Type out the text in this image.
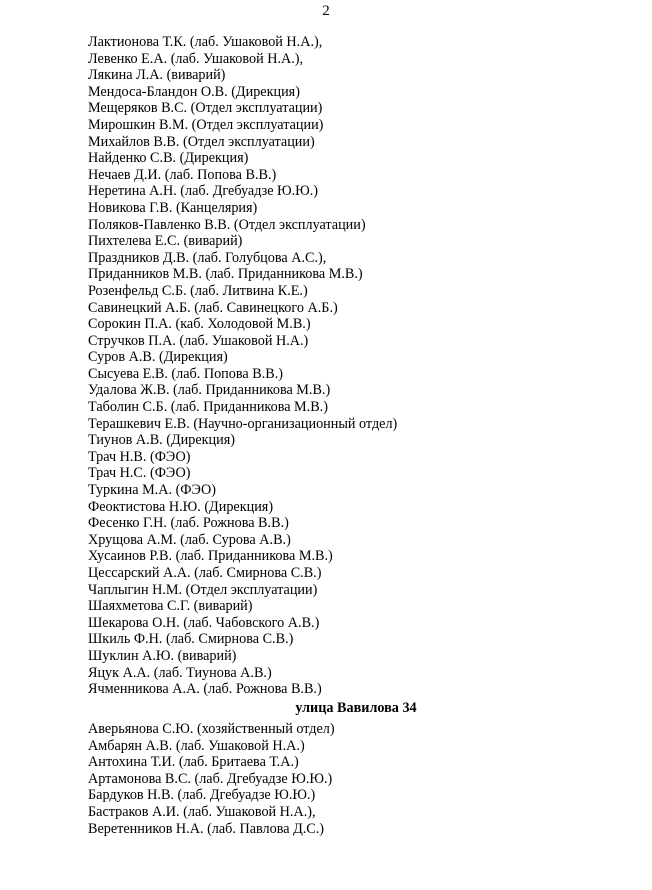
2
Лактионова Т.К. (лаб. Ушаковой Н.А.),
Левенко Е.А. (лаб. Ушаковой Н.А.),
Лякина Л.А. (виварий)
Мендоса-Бландон О.В. (Дирекция)
Мещеряков В.С. (Отдел эксплуатации)
Мирошкин В.М. (Отдел эксплуатации)
Михайлов В.В. (Отдел эксплуатации)
Найденко С.В. (Дирекция)
Нечаев Д.И. (лаб. Попова В.В.)
Неретина А.Н. (лаб. Дгебуадзе Ю.Ю.)
Новикова Г.В. (Канцелярия)
Поляков-Павленко В.В. (Отдел эксплуатации)
Пихтелева Е.С. (виварий)
Праздников Д.В. (лаб. Голубцова А.С.),
Приданников М.В. (лаб. Приданникова М.В.)
Розенфельд С.Б. (лаб. Литвина К.Е.)
Савинецкий А.Б. (лаб. Савинецкого А.Б.)
Сорокин П.А. (каб. Холодовой М.В.)
Стручков П.А. (лаб. Ушаковой Н.А.)
Суров А.В. (Дирекция)
Сысуева Е.В. (лаб. Попова В.В.)
Удалова Ж.В. (лаб. Приданникова М.В.)
Таболин С.Б. (лаб. Приданникова М.В.)
Терашкевич Е.В. (Научно-организационный отдел)
Тиунов А.В. (Дирекция)
Трач Н.В. (ФЭО)
Трач Н.С. (ФЭО)
Туркина М.А. (ФЭО)
Феоктистова Н.Ю. (Дирекция)
Фесенко Г.Н. (лаб. Рожнова В.В.)
Хрущова А.М. (лаб. Сурова А.В.)
Хусаинов Р.В. (лаб. Приданникова М.В.)
Цессарский А.А. (лаб. Смирнова С.В.)
Чаплыгин Н.М. (Отдел эксплуатации)
Шаяхметова С.Г. (виварий)
Шекарова О.Н. (лаб. Чабовского А.В.)
Шкиль Ф.Н. (лаб. Смирнова С.В.)
Шуклин А.Ю. (виварий)
Яцук А.А. (лаб. Тиунова А.В.)
Ячменникова А.А. (лаб. Рожнова В.В.)
улица Вавилова 34
Аверьянова С.Ю. (хозяйственный отдел)
Амбарян А.В. (лаб. Ушаковой Н.А.)
Антохина Т.И. (лаб. Бритаева Т.А.)
Артамонова В.С. (лаб. Дгебуадзе Ю.Ю.)
Бардуков Н.В. (лаб. Дгебуадзе Ю.Ю.)
Бастраков А.И. (лаб. Ушаковой Н.А.),
Веретенников Н.А. (лаб. Павлова Д.С.)
